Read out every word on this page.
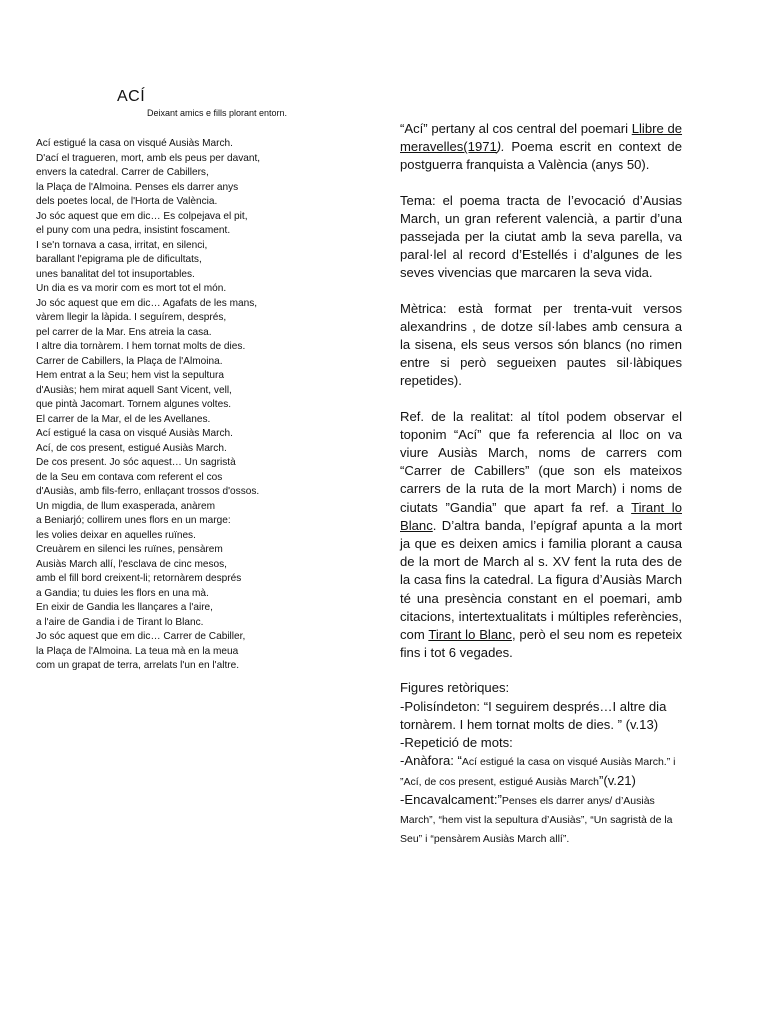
ACÍ
Deixant amics e fills plorant entorn.
Ací estigué la casa on visqué Ausiàs March.
D'ací el tragueren, mort, amb els peus per davant,
envers la catedral. Carrer de Cabillers,
la Plaça de l'Almoina. Penses els darrer anys
dels poetes local, de l'Horta de València.
Jo sóc aquest que em dic… Es colpejava el pit,
el puny com una pedra, insistint foscament.
I se'n tornava a casa, irritat, en silenci,
barallant l'epigrama ple de dificultats,
unes banalitat del tot insuportables.
Un dia es va morir com es mort tot el món.
Jo sóc aquest que em dic… Agafats de les mans,
vàrem llegir la làpida. I seguírem, després,
pel carrer de la Mar. Ens atreia la casa.
I altre dia tornàrem. I hem tornat molts de dies.
Carrer de Cabillers, la Plaça de l'Almoina.
Hem entrat a la Seu; hem vist la sepultura
d'Ausiàs; hem mirat aquell Sant Vicent, vell,
que pintà Jacomart. Tornem algunes voltes.
El carrer de la Mar, el de les Avellanes.
Ací estigué la casa on visqué Ausiàs March.
Ací, de cos present, estigué Ausiàs March.
De cos present. Jo sóc aquest… Un sagristà
de la Seu em contava com referent el cos
d'Ausiàs, amb fils-ferro, enllaçant trossos d'ossos.
Un migdia, de llum exasperada, anàrem
a Beniarjó; collirem unes flors en un marge:
les volies deixar en aquelles ruïnes.
Creuàrem en silenci les ruïnes, pensàrem
Ausiàs March allí, l'esclava de cinc mesos,
amb el fill bord creixent-li; retornàrem després
a Gandia; tu duies les flors en una mà.
En eixir de Gandia les llançares a l'aire,
a l'aire de Gandia i de Tirant lo Blanc.
Jo sóc aquest que em dic… Carrer de Cabiller,
la Plaça de l'Almoina. La teua mà en la meua
com un grapat de terra, arrelats l'un en l'altre.

“Ací” pertany al cos central del poemari Llibre de meravelles(1971). Poema escrit en context de postguerra franquista a València (anys 50).

Tema: el poema tracta de l’evocació d’Ausias March, un gran referent valencià, a partir d’una passejada per la ciutat amb la seva parella, va paral·lel al record d’Estellés i d’algunes de les seves vivencias que marcaren la seva vida.

Mètrica: està format per trenta-vuit versos alexandrins , de dotze síl·labes amb censura a la sisena, els seus versos són blancs (no rimen entre si però segueixen pautes sil·làbiques repetides).

Ref. de la realitat: al títol podem observar el toponim “Ací” que fa referencia al lloc on va viure Ausiàs March, noms de carrers com “Carrer de Cabillers” (que son els mateixos carrers de la ruta de la mort March) i noms de ciutats ”Gandia” que apart fa ref. a Tirant lo Blanc. D’altra banda, l’epígraf apunta a la mort ja que es deixen amics i familia plorant a causa de la mort de March al s. XV fent la ruta des de la casa fins la catedral. La figura d’Ausiàs March té una presència constant en el poemari, amb citacions, intertextualitats i múltiples referències, com Tirant lo Blanc, però el seu nom es repeteix fins i tot 6 vegades.

Figures retòriques:
-Polisíndeton: “I seguirem després…I altre dia tornàrem. I hem tornat molts de dies. ” (v.13)
-Repetició de mots:
-Anàfora: “Ací estigué la casa on visqué Ausiàs March.” i ”Ací, de cos present, estigué Ausiàs March”(v.21)
-Encavalcament:”Penses els darrer anys/ d’Ausiàs March”, “hem vist la sepultura d’Ausiàs”, “Un sagristà de la Seu” i “pensàrem Ausiàs March allí”.
